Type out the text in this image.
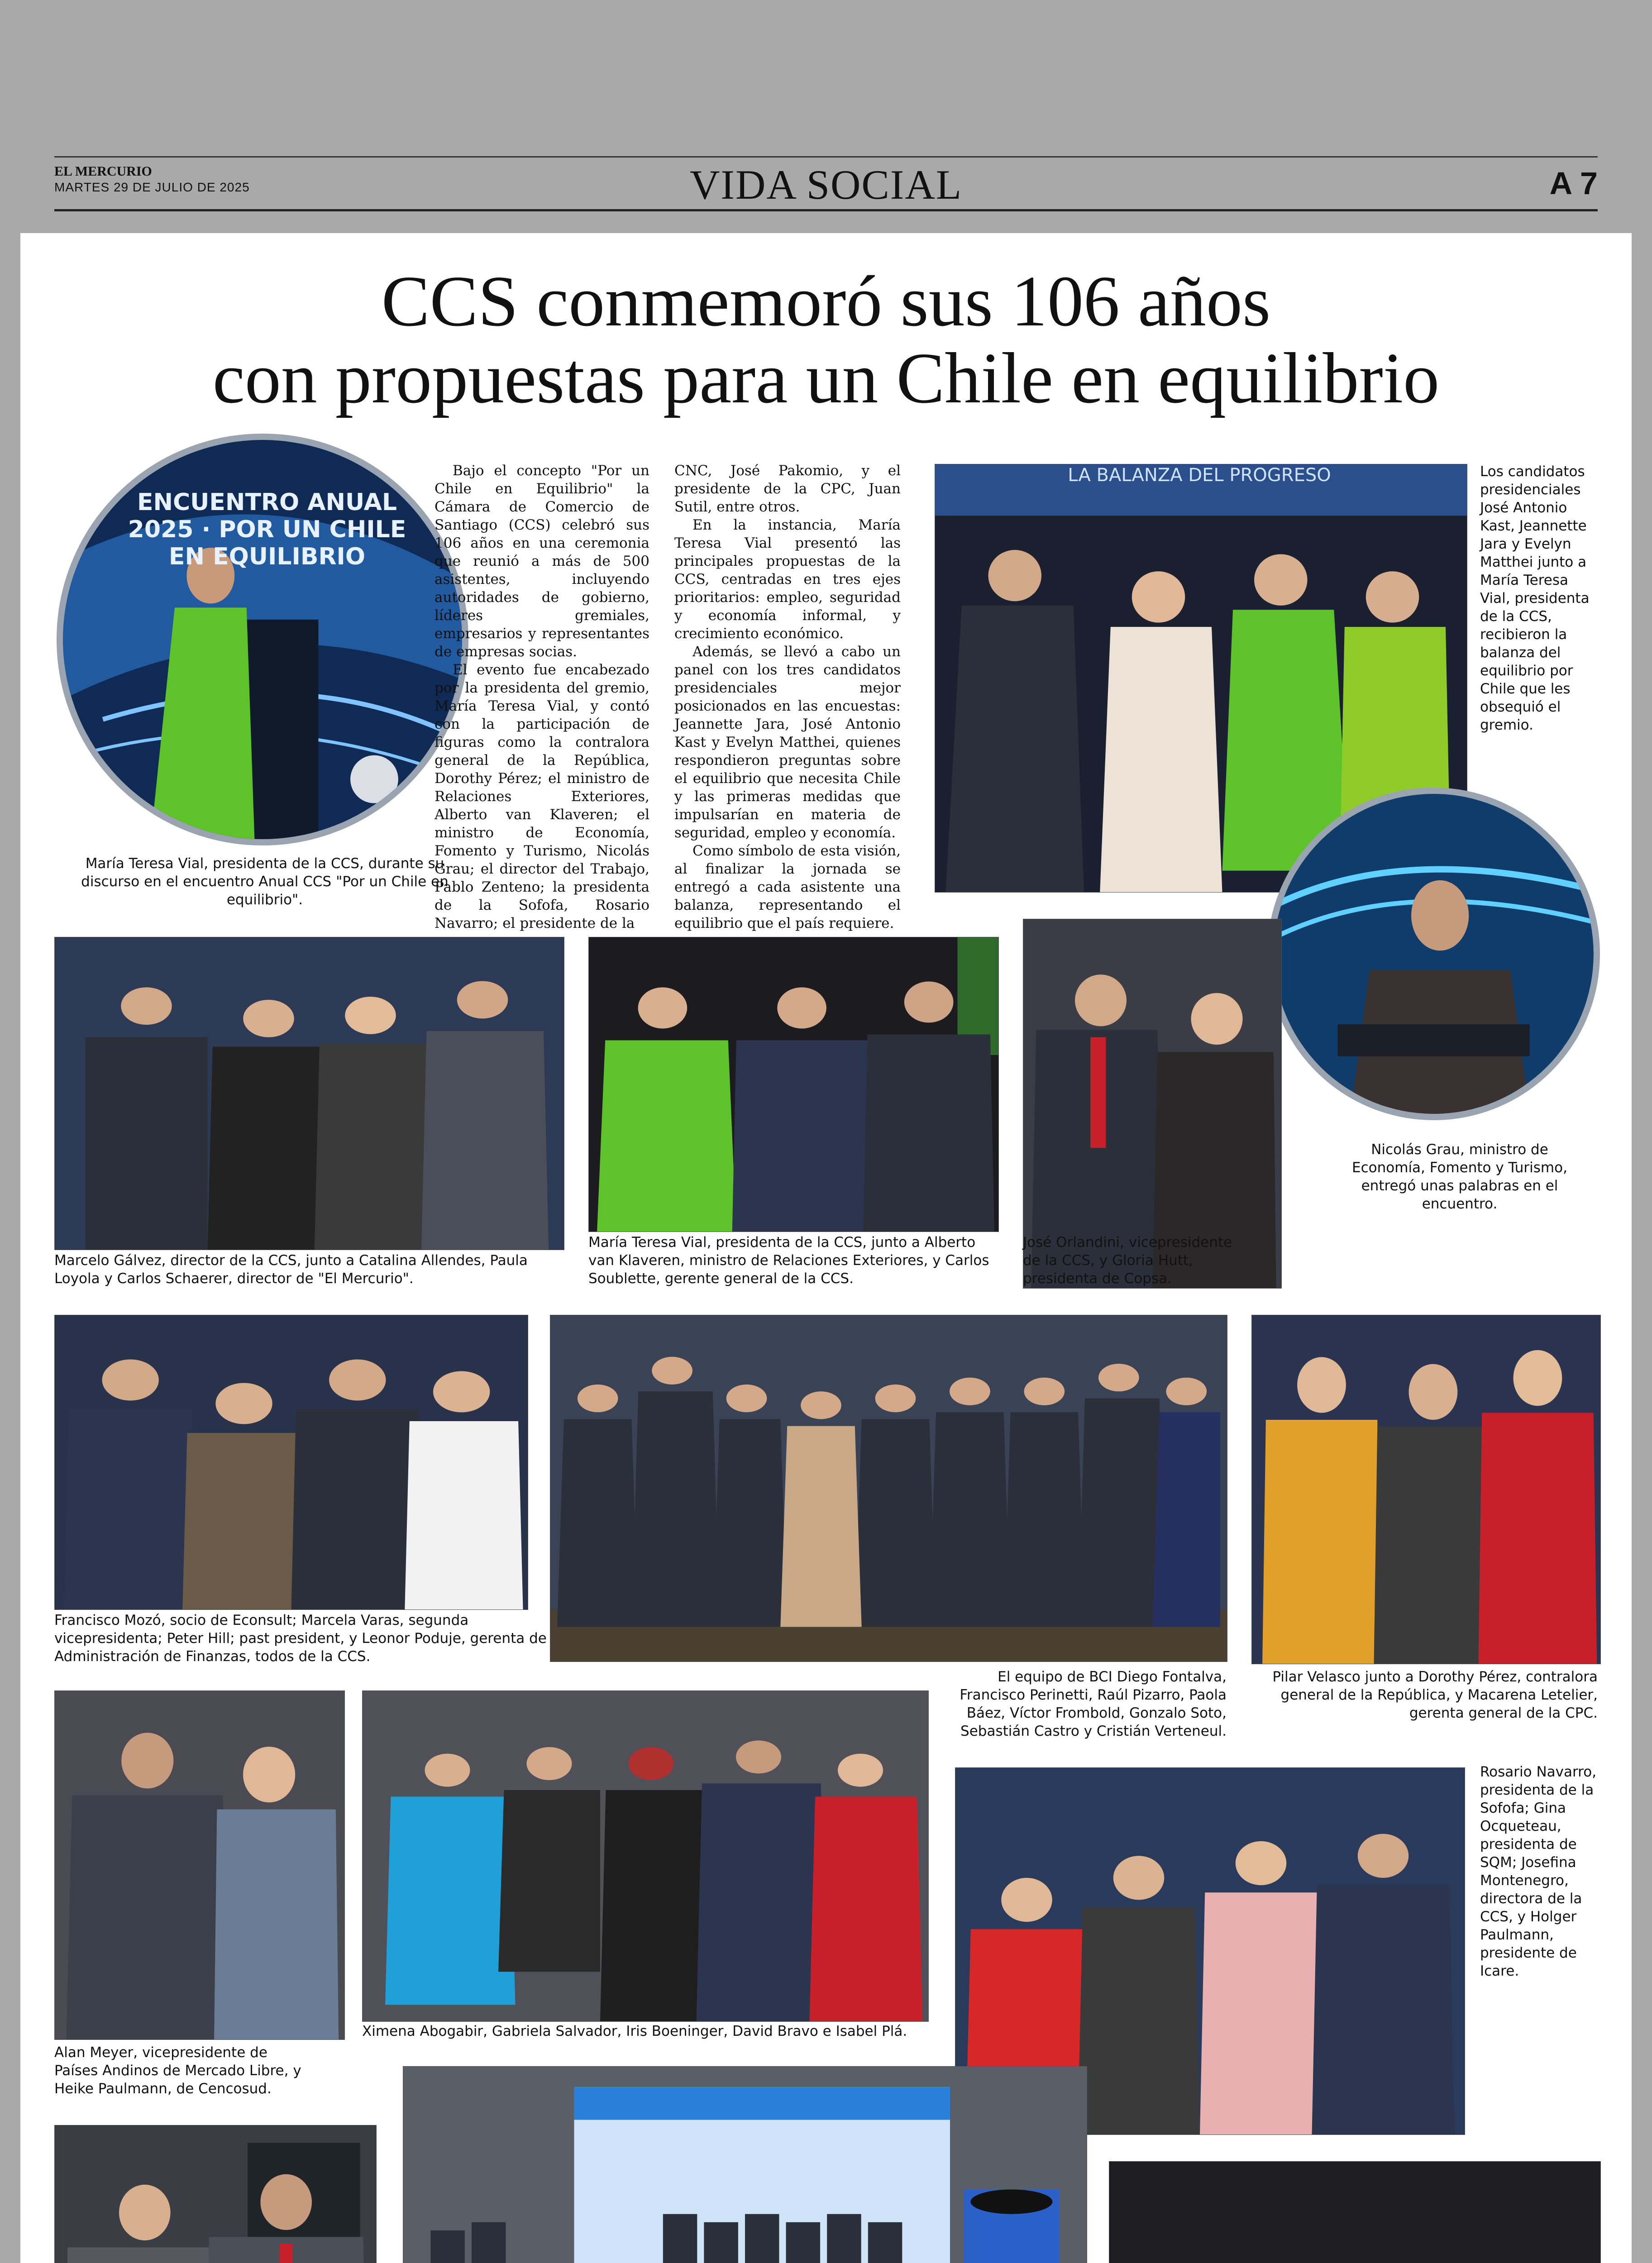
EL MERCURIO
MARTES 29 DE JULIO DE 2025	VIDA SOCIAL	A 7
CCS conmemoró sus 106 años
con propuestas para un Chile en equilibrio
ENCUENTRO ANUAL 2025 · POR UN CHILE EN EQUILIBRIO
María Teresa Vial, presidenta de la CCS, durante su discurso en el encuentro Anual CCS "Por un Chile en equilibrio".

Bajo el concepto "Por un Chile en Equilibrio" la Cámara de Comercio de Santiago (CCS) celebró sus 106 años en una ceremonia que reunió a más de 500 asistentes, incluyendo autoridades de gobierno, líderes gremiales, empresarios y representantes de empresas socias.

El evento fue encabezado por la presidenta del gremio, María Teresa Vial, y contó con la participación de figuras como la contralora general de la República, Dorothy Pérez; el ministro de Relaciones Exteriores, Alberto van Klaveren; el ministro de Economía, Fomento y Turismo, Nicolás Grau; el director del Trabajo, Pablo Zenteno; la presidenta de la Sofofa, Rosario Navarro; el presidente de la

CNC, José Pakomio, y el presidente de la CPC, Juan Sutil, entre otros.

En la instancia, María Teresa Vial presentó las principales propuestas de la CCS, centradas en tres ejes prioritarios: empleo, seguridad y economía informal, y crecimiento económico.

Además, se llevó a cabo un panel con los tres candidatos presidenciales mejor posicionados en las encuestas: Jeannette Jara, José Antonio Kast y Evelyn Matthei, quienes respondieron preguntas sobre el equilibrio que necesita Chile y las primeras medidas que impulsarían en materia de seguridad, empleo y economía.

Como símbolo de esta visión, al finalizar la jornada se entregó a cada asistente una balanza, representando el equilibrio que el país requiere.

LA BALANZA DEL PROGRESO	Los candidatos presidenciales José Antonio Kast, Jeannette Jara y Evelyn Matthei junto a María Teresa Vial, presidenta de la CCS, recibieron la balanza del equilibrio por Chile que les obsequió el gremio.
Nicolás Grau, ministro de Economía, Fomento y Turismo, entregó unas palabras en el encuentro.
Marcelo Gálvez, director de la CCS, junto a Catalina Allendes, Paula Loyola y Carlos Schaerer, director de "El Mercurio".
María Teresa Vial, presidenta de la CCS, junto a Alberto van Klaveren, ministro de Relaciones Exteriores, y Carlos Soublette, gerente general de la CCS.
José Orlandini, vicepresidente de la CCS, y Gloria Hutt, presidenta de Copsa.
Francisco Mozó, socio de Econsult; Marcela Varas, segunda vicepresidenta; Peter Hill; past president, y Leonor Poduje, gerenta de Administración de Finanzas, todos de la CCS.
El equipo de BCI Diego Fontalva, Francisco Perinetti, Raúl Pizarro, Paola Báez, Víctor Frombold, Gonzalo Soto, Sebastián Castro y Cristián Verteneul.
Pilar Velasco junto a Dorothy Pérez, contralora general de la República, y Macarena Letelier, gerenta general de la CPC.
Alan Meyer, vicepresidente de Países Andinos de Mercado Libre, y Heike Paulmann, de Cencosud.
Ximena Abogabir, Gabriela Salvador, Iris Boeninger, David Bravo e Isabel Plá.
Rosario Navarro, presidenta de la Sofofa; Gina Ocqueteau, presidenta de SQM; Josefina Montenegro, directora de la CCS, y Holger Paulmann, presidente de Icare.
